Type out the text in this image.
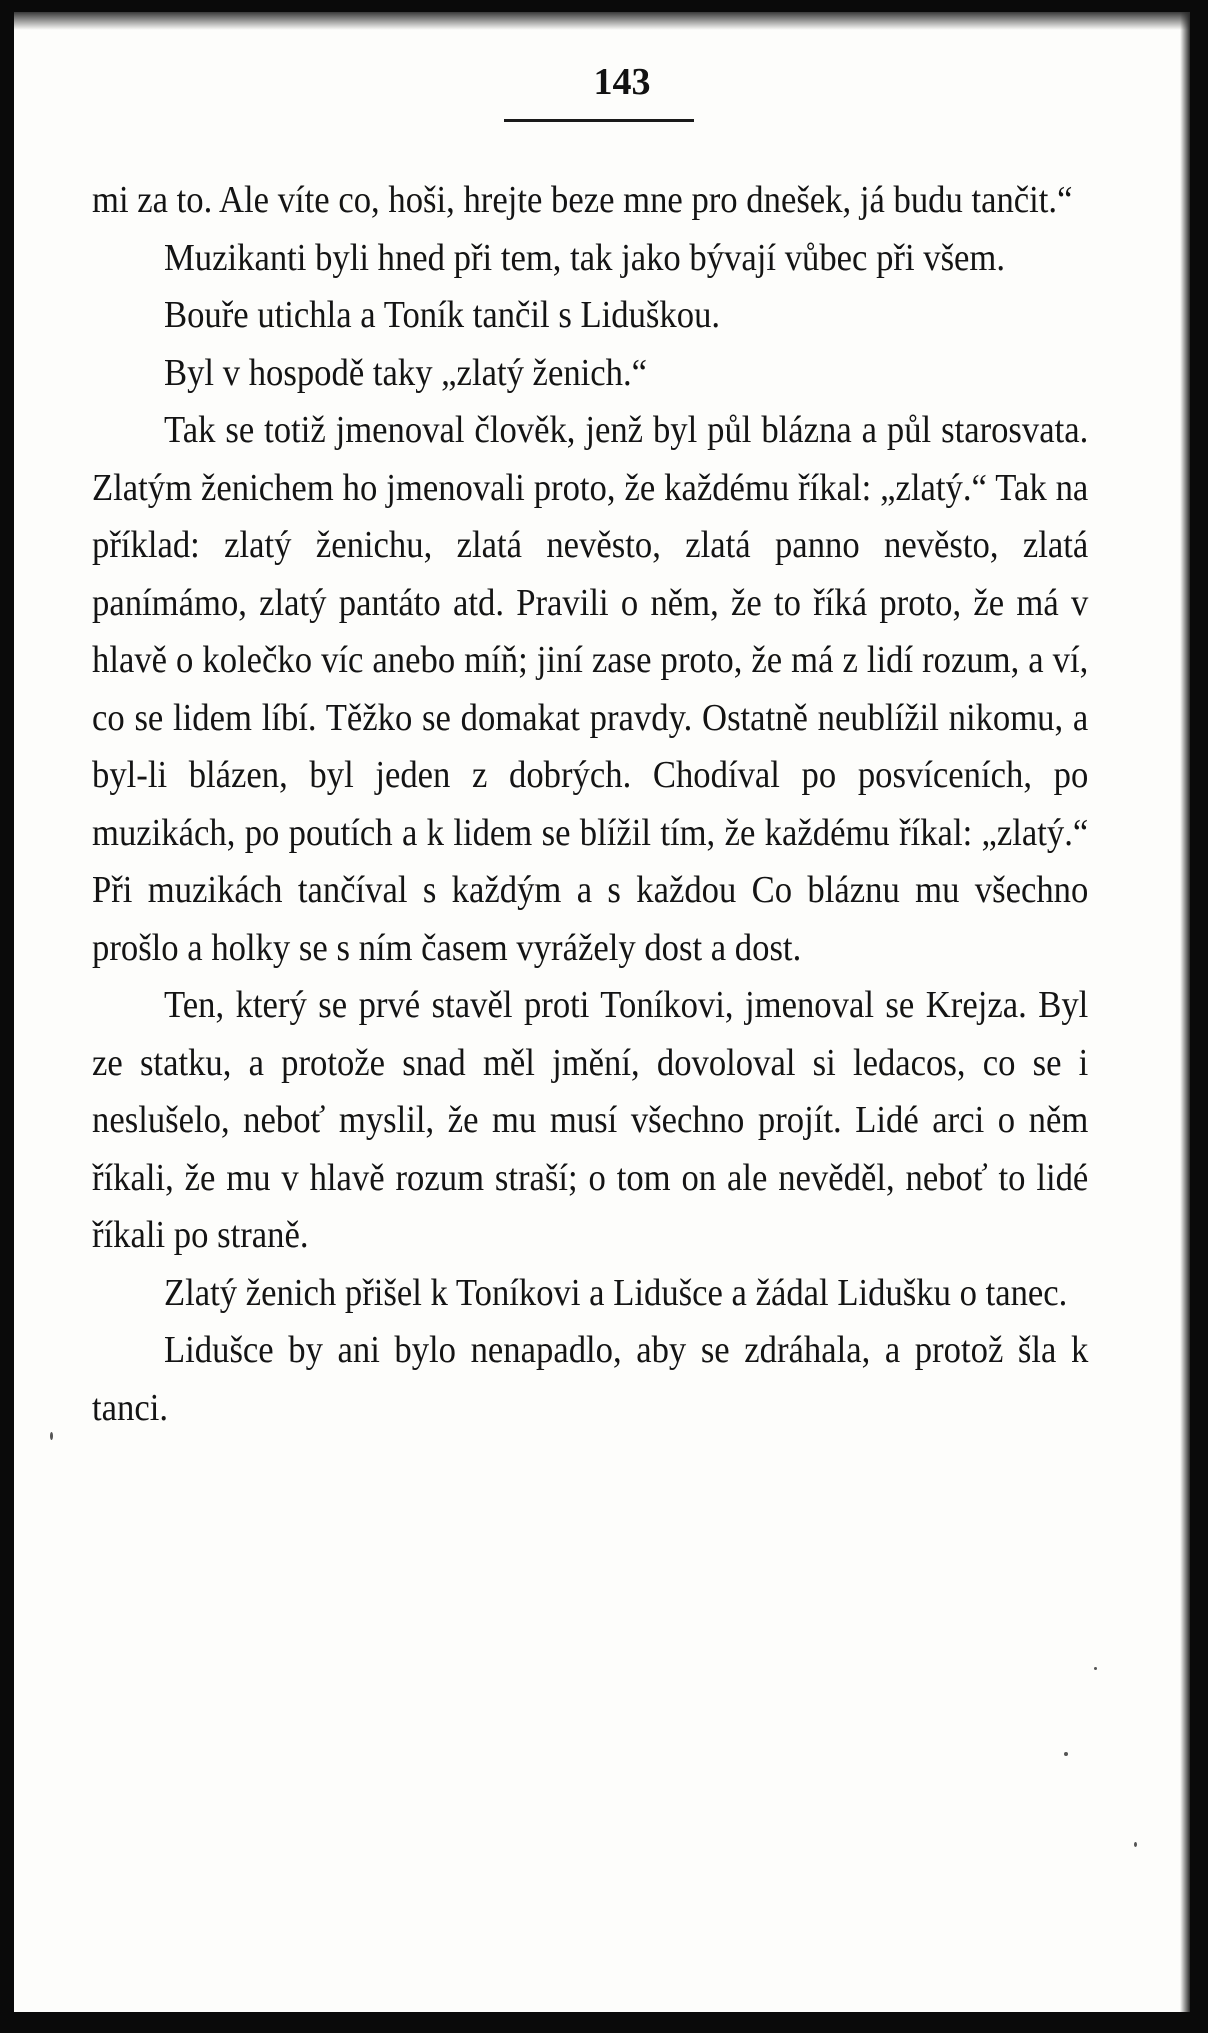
143

mi za to. Ale víte co, hoši, hrejte beze mne pro dnešek, já budu tančit.“

Muzikanti byli hned při tem, tak jako bývají vůbec při všem.

Bouře utichla a Toník tančil s Liduškou.

Byl v hospodě taky „zlatý ženich.“

Tak se totiž jmenoval člověk, jenž byl půl blázna a půl starosvata. Zlatým ženichem ho jmenovali proto, že každému říkal: „zlatý.“ Tak na příklad: zlatý ženichu, zlatá nevěsto, zlatá panno nevěsto, zlatá panímámo, zlatý pantáto atd. Pravili o něm, že to říká proto, že má v hlavě o kolečko víc anebo míň; jiní zase proto, že má z lidí rozum, a ví, co se lidem líbí. Těžko se domakat pravdy. Ostatně neublížil nikomu, a byl-li blázen, byl jeden z dobrých. Chodíval po posvíceních, po muzikách, po poutích a k lidem se blížil tím, že každému říkal: „zlatý.“ Při muzikách tančíval s každým a s každou Co bláznu mu všechno prošlo a holky se s ním časem vyrážely dost a dost.

Ten, který se prvé stavěl proti Toníkovi, jmenoval se Krejza. Byl ze statku, a protože snad měl jmění, dovoloval si ledacos, co se i neslušelo, neboť myslil, že mu musí všechno projít. Lidé arci o něm říkali, že mu v hlavě rozum straší; o tom on ale nevěděl, neboť to lidé říkali po straně.

Zlatý ženich přišel k Toníkovi a Lidušce a žádal Lidušku o tanec.

Lidušce by ani bylo nenapadlo, aby se zdráhala, a protož šla k tanci.
